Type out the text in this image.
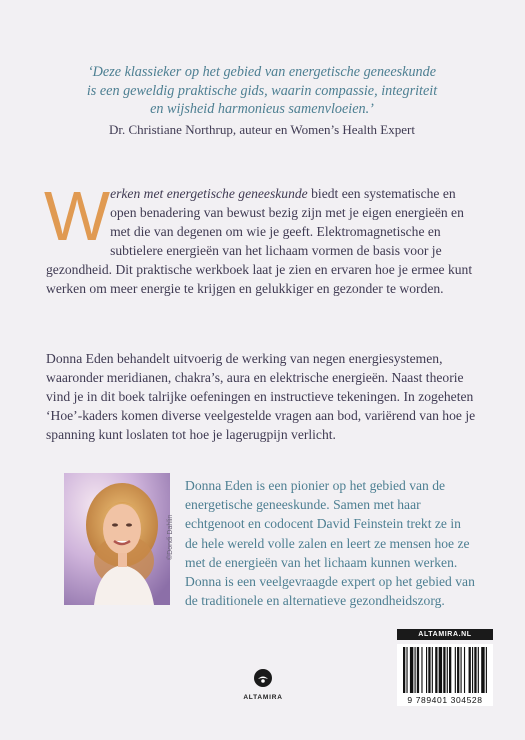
‘Deze klassieker op het gebied van energetische geneeskunde
is een geweldig praktische gids, waarin compassie, integriteit
en wijsheid harmonieus samenvloeien.’
Dr. Christiane Northrup, auteur en Women’s Health Expert
Werken met energetische geneeskunde biedt een systematische en open benadering van bewust bezig zijn met je eigen energieën en met die van degenen om wie je geeft. Elektromagnetische en subtielere energieën van het lichaam vormen de basis voor je gezondheid. Dit praktische werkboek laat je zien en ervaren hoe je ermee kunt werken om meer energie te krijgen en gelukkiger en gezonder te worden.
Donna Eden behandelt uitvoerig de werking van negen energiesystemen, waaronder meridianen, chakra’s, aura en elektrische energieën. Naast theorie vind je in dit boek talrijke oefeningen en instructieve tekeningen. In zogeheten ‘Hoe’-kaders komen diverse veelgestelde vragen aan bod, variërend van hoe je spanning kunt loslaten tot hoe je lagerugpijn verlicht.
©Dondi Dahlin
Donna Eden is een pionier op het gebied van de energetische geneeskunde. Samen met haar echtgenoot en codocent David Feinstein trekt ze in de hele wereld volle zalen en leert ze mensen hoe ze met de energieën van het lichaam kunnen werken. Donna is een veelgevraagde expert op het gebied van de traditionele en alternatieve gezondheidszorg.
ALTAMIRA
ALTAMIRA.NL
9 789401 304528
